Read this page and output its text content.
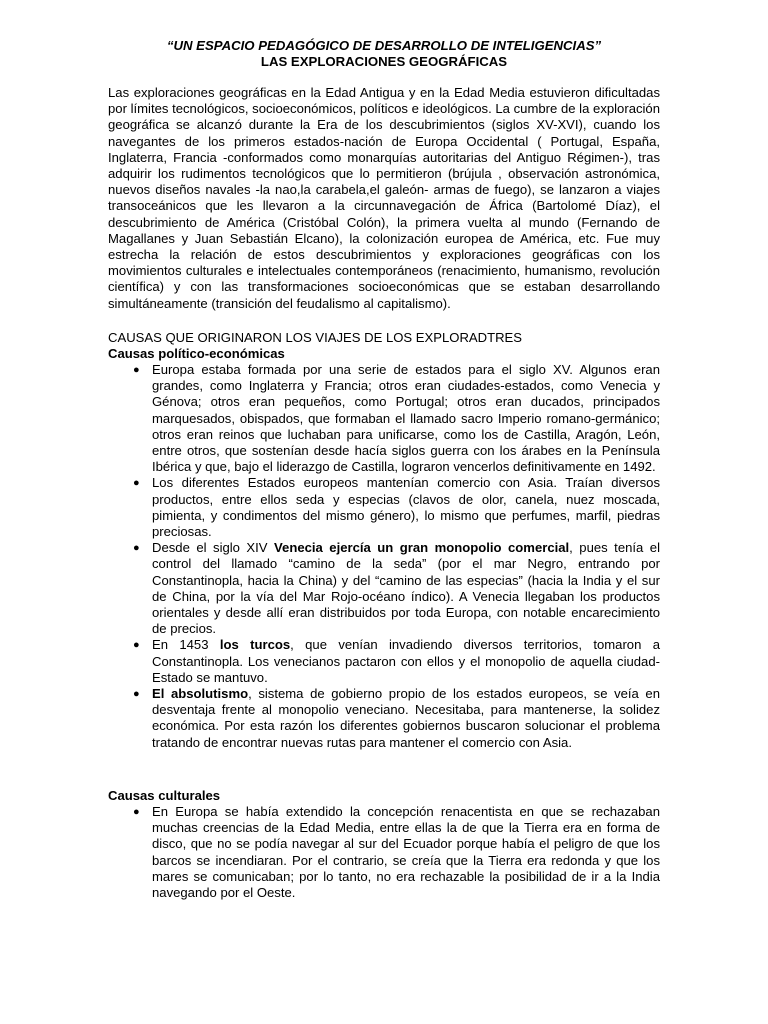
“UN ESPACIO PEDAGÓGICO DE DESARROLLO DE INTELIGENCIAS”
LAS EXPLORACIONES GEOGRÁFICAS

Las exploraciones geográficas en la Edad Antigua y en la Edad Media estuvieron dificultadas por límites tecnológicos, socioeconómicos, políticos e ideológicos. La cumbre de la exploración geográfica se alcanzó durante la Era de los descubrimientos (siglos XV-XVI), cuando los navegantes de los primeros estados-nación de Europa Occidental ( Portugal, España, Inglaterra, Francia -conformados como monarquías autoritarias del Antiguo Régimen-), tras adquirir los rudimentos tecnológicos que lo permitieron (brújula , observación astronómica, nuevos diseños navales -la nao,la carabela,el galeón- armas de fuego), se lanzaron a viajes transoceánicos que les llevaron a la circunnavegación de África (Bartolomé Díaz), el descubrimiento de América (Cristóbal Colón), la primera vuelta al mundo (Fernando de Magallanes y Juan Sebastián Elcano), la colonización europea de América, etc. Fue muy estrecha la relación de estos descubrimientos y exploraciones geográficas con los movimientos culturales e intelectuales contemporáneos (renacimiento, humanismo, revolución científica) y con las transformaciones socioeconómicas que se estaban desarrollando simultáneamente (transición del feudalismo al capitalismo).

CAUSAS QUE ORIGINARON LOS VIAJES DE LOS EXPLORADTRES

Causas político-económicas

● Europa estaba formada por una serie de estados para el siglo XV. Algunos eran grandes, como Inglaterra y Francia; otros eran ciudades-estados, como Venecia y Génova; otros eran pequeños, como Portugal; otros eran ducados, principados marquesados, obispados, que formaban el llamado sacro Imperio romano-germánico; otros eran reinos que luchaban para unificarse, como los de Castilla, Aragón, León, entre otros, que sostenían desde hacía siglos guerra con los árabes en la Península Ibérica y que, bajo el liderazgo de Castilla, lograron vencerlos definitivamente en 1492.
● Los diferentes Estados europeos mantenían comercio con Asia. Traían diversos productos, entre ellos seda y especias (clavos de olor, canela, nuez moscada, pimienta, y condimentos del mismo género), lo mismo que perfumes, marfil, piedras preciosas.
● Desde el siglo XIV Venecia ejercía un gran monopolio comercial, pues tenía el control del llamado “camino de la seda” (por el mar Negro, entrando por Constantinopla, hacia la China) y del “camino de las especias” (hacia la India y el sur de China, por la vía del Mar Rojo-océano índico). A Venecia llegaban los productos orientales y desde allí eran distribuidos por toda Europa, con notable encarecimiento de precios.
● En 1453 los turcos, que venían invadiendo diversos territorios, tomaron a Constantinopla. Los venecianos pactaron con ellos y el monopolio de aquella ciudad-Estado se mantuvo.
● El absolutismo, sistema de gobierno propio de los estados europeos, se veía en desventaja frente al monopolio veneciano. Necesitaba, para mantenerse, la solidez económica. Por esta razón los diferentes gobiernos buscaron solucionar el problema tratando de encontrar nuevas rutas para mantener el comercio con Asia.

Causas culturales

● En Europa se había extendido la concepción renacentista en que se rechazaban muchas creencias de la Edad Media, entre ellas la de que la Tierra era en forma de disco, que no se podía navegar al sur del Ecuador porque había el peligro de que los barcos se incendiaran. Por el contrario, se creía que la Tierra era redonda y que los mares se comunicaban; por lo tanto, no era rechazable la posibilidad de ir a la India navegando por el Oeste.
